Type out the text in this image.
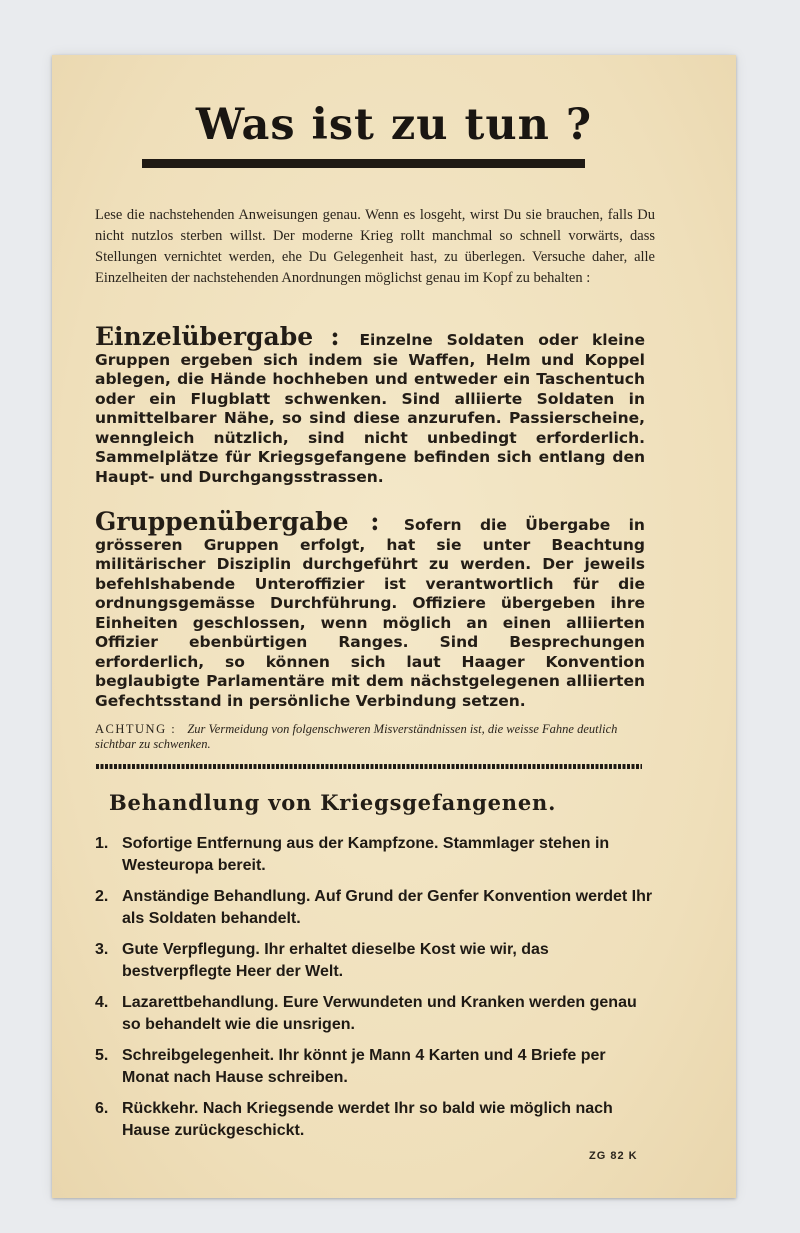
Was ist zu tun ?

Lese die nachstehenden Anweisungen genau. Wenn es losgeht, wirst Du sie brauchen, falls Du nicht nutzlos sterben willst. Der moderne Krieg rollt manchmal so schnell vorwärts, dass Stellungen vernichtet werden, ehe Du Gelegenheit hast, zu überlegen. Versuche daher, alle Einzelheiten der nachstehenden Anordnungen möglichst genau im Kopf zu behalten :

Einzelübergabe : Einzelne Soldaten oder kleine Gruppen ergeben sich indem sie Waffen, Helm und Koppel ablegen, die Hände hochheben und entweder ein Taschentuch oder ein Flugblatt schwenken. Sind alliierte Soldaten in unmittelbarer Nähe, so sind diese anzurufen. Passierscheine, wenngleich nützlich, sind nicht unbedingt erforderlich. Sammelplätze für Kriegsgefangene befinden sich entlang den Haupt- und Durchgangsstrassen.

Gruppenübergabe : Sofern die Übergabe in grösseren Gruppen erfolgt, hat sie unter Beachtung militärischer Disziplin durchgeführt zu werden. Der jeweils befehlshabende Unteroffizier ist verantwortlich für die ordnungsgemässe Durchführung. Offiziere übergeben ihre Einheiten geschlossen, wenn möglich an einen alliierten Offizier ebenbürtigen Ranges. Sind Besprechungen erforderlich, so können sich laut Haager Konvention beglaubigte Parlamentäre mit dem nächstgelegenen alliierten Gefechtsstand in persönliche Verbindung setzen.

ACHTUNG : Zur Vermeidung von folgenschweren Misverständnissen ist, die weisse Fahne deutlich sichtbar zu schwenken.

Behandlung von Kriegsgefangenen.
1. Sofortige Entfernung aus der Kampfzone. Stammlager stehen in Westeuropa bereit.
2. Anständige Behandlung. Auf Grund der Genfer Konvention werdet Ihr als Soldaten behandelt.
3. Gute Verpflegung. Ihr erhaltet dieselbe Kost wie wir, das bestverpflegte Heer der Welt.
4. Lazarettbehandlung. Eure Verwundeten und Kranken werden genau so behandelt wie die unsrigen.
5. Schreibgelegenheit. Ihr könnt je Mann 4 Karten und 4 Briefe per Monat nach Hause schreiben.
6. Rückkehr. Nach Kriegsende werdet Ihr so bald wie möglich nach Hause zurückgeschickt.
ZG 82 K
